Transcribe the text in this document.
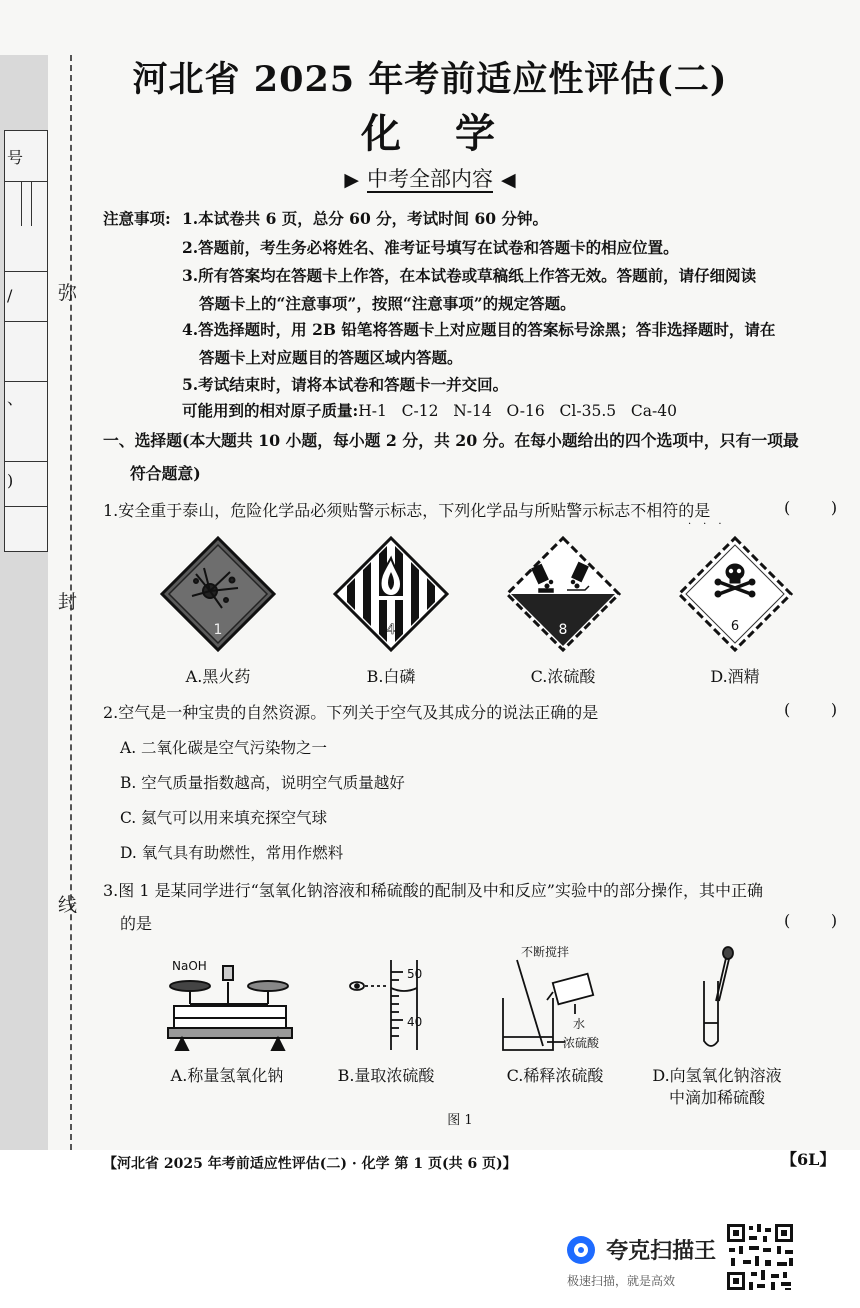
号
/
、
)
弥
封
线
河北省 2025 年考前适应性评估(二)
化学
▶ 中考全部内容 ◀
注意事项: 1.本试卷共 6 页，总分 60 分，考试时间 60 分钟。
2.答题前，考生务必将姓名、准考证号填写在试卷和答题卡的相应位置。
3.所有答案均在答题卡上作答，在本试卷或草稿纸上作答无效。答题前，请仔细阅读
答题卡上的“注意事项”，按照“注意事项”的规定答题。
4.答选择题时，用 2B 铅笔将答题卡上对应题目的答案标号涂黑；答非选择题时，请在
答题卡上对应题目的答题区域内答题。
5.考试结束时，请将本试卷和答题卡一并交回。
可能用到的相对原子质量:H-1   C-12   N-14   O-16   Cl-35.5   Ca-40
一、选择题(本大题共 10 小题，每小题 2 分，共 20 分。在每小题给出的四个选项中，只有一项最
符合题意)
1.安全重于泰山，危险化学品必须贴警示标志，下列化学品与所贴警示标志不相符的是
···
(        )
1	4	8	6
A.黑火药	B.白磷	C.浓硫酸	D.酒精
2.空气是一种宝贵的自然资源。下列关于空气及其成分的说法正确的是	(        )
A. 二氧化碳是空气污染物之一
B. 空气质量指数越高，说明空气质量越好
C. 氦气可以用来填充探空气球
D. 氧气具有助燃性，常用作燃料
3.图 1 是某同学进行“氢氧化钠溶液和稀硫酸的配制及中和反应”实验中的部分操作，其中正确
的是	(        )
NaOH
50
40
不断搅拌
水
浓硫酸
A.称量氢氧化钠	B.量取浓硫酸	C.稀释浓硫酸	D.向氢氧化钠溶液
中滴加稀硫酸
图 1
【河北省 2025 年考前适应性评估(二) · 化学 第 1 页(共 6 页)】	【6L】
夸克扫描王
极速扫描，就是高效
